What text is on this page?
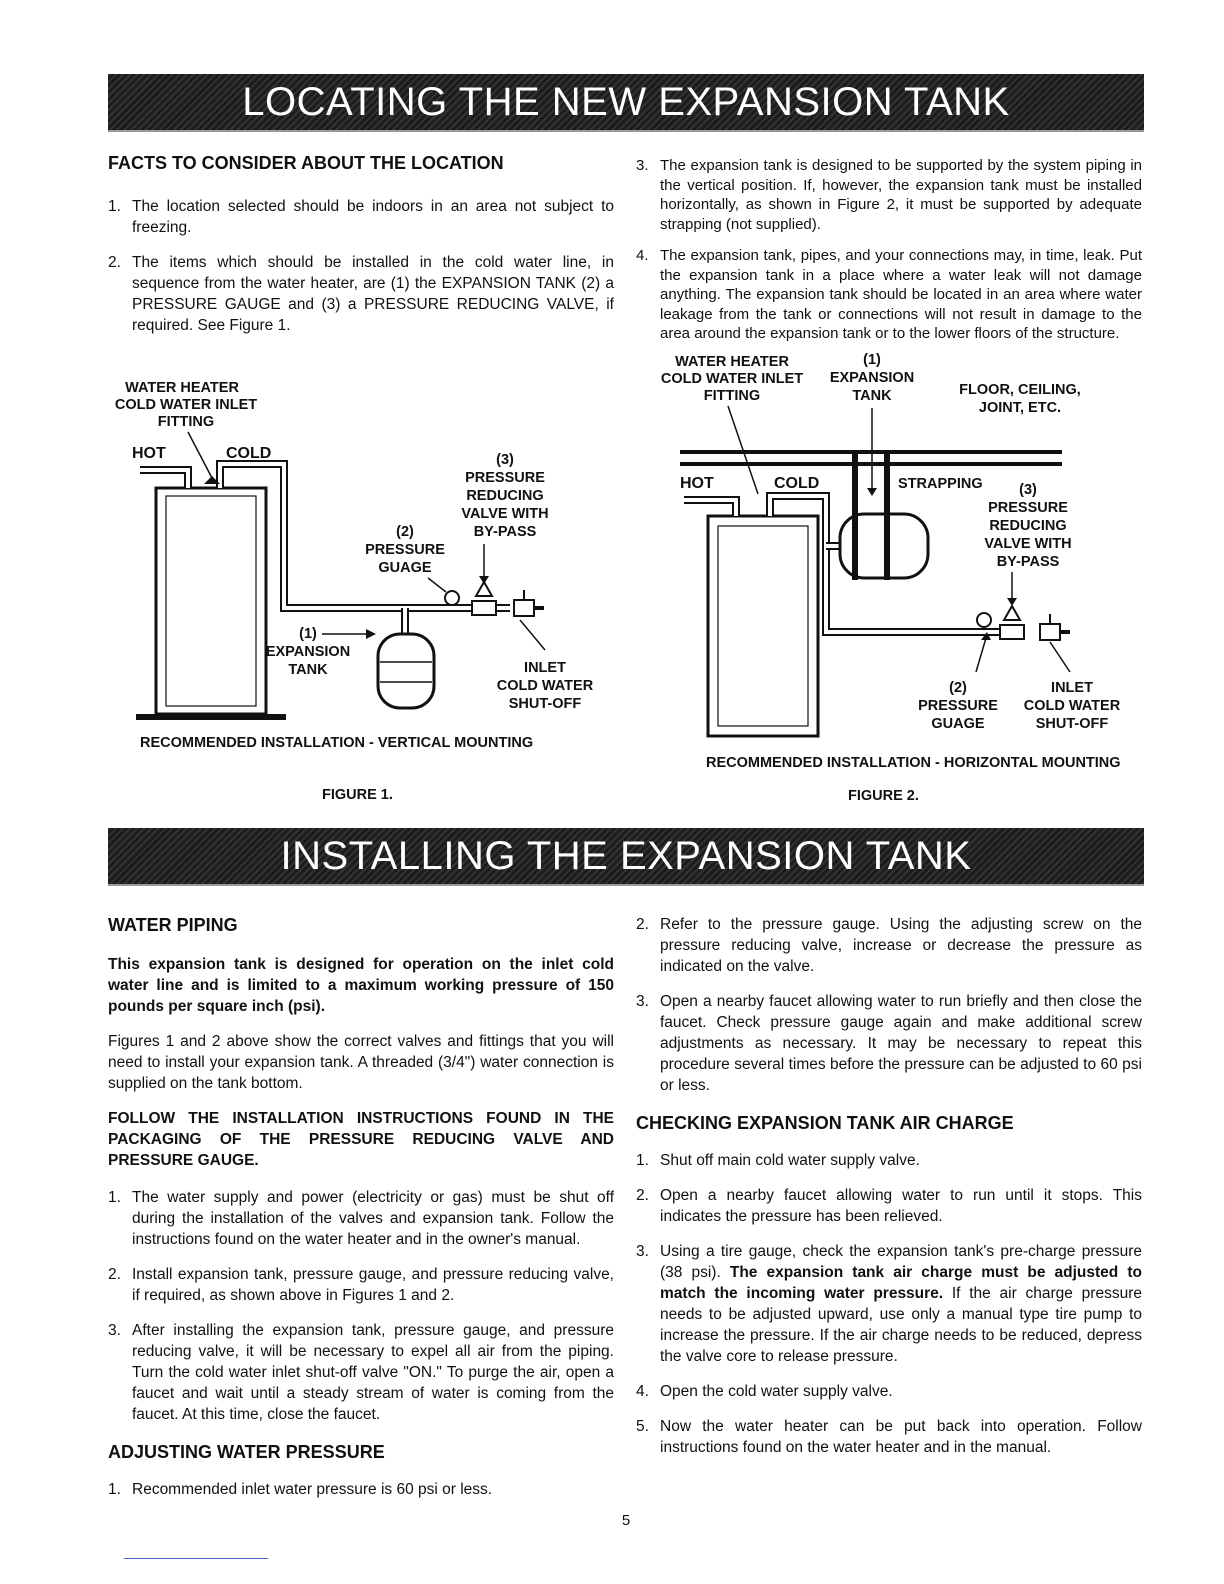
LOCATING THE NEW EXPANSION TANK
FACTS TO CONSIDER ABOUT THE LOCATION
1. The location selected should be indoors in an area not subject to freezing.
2. The items which should be installed in the cold water line, in sequence from the water heater, are (1) the EXPANSION TANK (2) a PRESSURE GAUGE and (3) a PRESSURE REDUCING VALVE, if required. See Figure 1.
3. The expansion tank is designed to be supported by the system piping in the vertical position. If, however, the expansion tank must be installed horizontally, as shown in Figure 2, it must be supported by adequate strapping (not supplied).
4. The expansion tank, pipes, and your connections may, in time, leak. Put the expansion tank in a place where a water leak will not damage anything. The expansion tank should be located in an area where water leakage from the tank or connections will not result in damage to the area around the expansion tank or to the lower floors of the structure.
WATER HEATER
COLD WATER INLET
FITTING
HOT	COLD	(3)
PRESSURE
REDUCING
VALVE WITH
BY-PASS
(2)
PRESSURE
GUAGE
(1)
EXPANSION
TANK	INLET
COLD WATER
SHUT-OFF
RECOMMENDED INSTALLATION - VERTICAL MOUNTING
FIGURE 1.
WATER HEATER
COLD WATER INLET
FITTING
(1)
EXPANSION
TANK	FLOOR, CEILING,
JOINT, ETC.
HOT	COLD	STRAPPING	(3)
PRESSURE
REDUCING
VALVE WITH
BY-PASS
(2)
PRESSURE
GUAGE
INLET
COLD WATER
SHUT-OFF
RECOMMENDED INSTALLATION - HORIZONTAL MOUNTING
FIGURE 2.
INSTALLING THE EXPANSION TANK
WATER PIPING

This expansion tank is designed for operation on the inlet cold water line and is limited to a maximum working pressure of 150 pounds per square inch (psi).

Figures 1 and 2 above show the correct valves and fittings that you will need to install your expansion tank. A threaded (3/4") water connection is supplied on the tank bottom.

FOLLOW THE INSTALLATION INSTRUCTIONS FOUND IN THE PACKAGING OF THE PRESSURE REDUCING VALVE AND PRESSURE GAUGE.

1. The water supply and power (electricity or gas) must be shut off during the installation of the valves and expansion tank. Follow the instructions found on the water heater and in the owner's manual.
2. Install expansion tank, pressure gauge, and pressure reducing valve, if required, as shown above in Figures 1 and 2.
3. After installing the expansion tank, pressure gauge, and pressure reducing valve, it will be necessary to expel all air from the piping. Turn the cold water inlet shut-off valve "ON." To purge the air, open a faucet and wait until a steady stream of water is coming from the faucet. At this time, close the faucet.
ADJUSTING WATER PRESSURE
1. Recommended inlet water pressure is 60 psi or less.
2. Refer to the pressure gauge. Using the adjusting screw on the pressure reducing valve, increase or decrease the pressure as indicated on the valve.
3. Open a nearby faucet allowing water to run briefly and then close the faucet. Check pressure gauge again and make additional screw adjustments as necessary. It may be necessary to repeat this procedure several times before the pressure can be adjusted to 60 psi or less.
CHECKING EXPANSION TANK AIR CHARGE
1. Shut off main cold water supply valve.
2. Open a nearby faucet allowing water to run until it stops. This indicates the pressure has been relieved.
3. Using a tire gauge, check the expansion tank's pre-charge pressure (38 psi). The expansion tank air charge must be adjusted to match the incoming water pressure. If the air charge pressure needs to be adjusted upward, use only a manual type tire pump to increase the pressure. If the air charge needs to be reduced, depress the valve core to release pressure.
4. Open the cold water supply valve.
5. Now the water heater can be put back into operation. Follow instructions found on the water heater and in the manual.
5
